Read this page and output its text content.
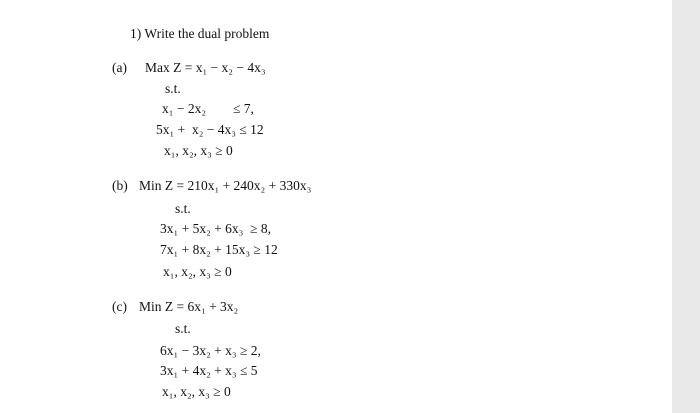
1) Write the dual problem
(a) Max Z = x₁ − x₂ − 4x₃
s.t.
x₁ − 2x₂        ≤ 7,
5x₁ +  x₂ − 4x₃ ≤ 12
x₁, x₂, x₃ ≥ 0
(b) Min Z = 210x₁ + 240x₂ + 330x₃
s.t.
3x₁ + 5x₂ + 6x₃  ≥ 8,
7x₁ + 8x₂ + 15x₃ ≥ 12
x₁, x₂, x₃ ≥ 0
(c) Min Z = 6x₁ + 3x₂
s.t.
6x₁ − 3x₂ + x₃ ≥ 2,
3x₁ + 4x₂ + x₃ ≤ 5
x₁, x₂, x₃ ≥ 0
